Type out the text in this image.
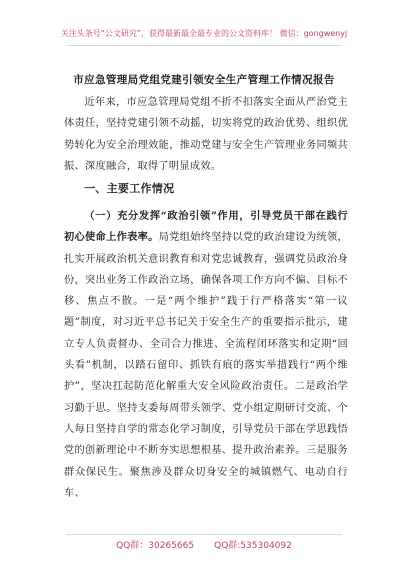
关注头条号“公文研究”，获得最新最全最专业的公文资料库！ 微信：gongwenyj
市应急管理局党组党建引领安全生产管理工作情况报告

近年来，市应急管理局党组不折不扣落实全面从严治党主体责任，坚持党建引领不动摇，切实将党的政治优势、组织优势转化为安全治理效能，推动党建与安全生产管理业务同频共振、深度融合，取得了明显成效。

一、主要工作情况

（一）充分发挥“政治引领”作用，引导党员干部在践行初心使命上作表率。局党组始终坚持以党的政治建设为统领，扎实开展政治机关意识教育和对党忠诚教育，强调党员政治身份，突出业务工作政治立场，确保各项工作方向不偏、目标不移、焦点不散。一是“两个维护”践于行严格落实“第一议题”制度，对习近平总书记关于安全生产的重要指示批示，建立专人负责督办、全司合力推进、全流程闭环落实和定期“回头看”机制，以踏石留印、抓铁有痕的落实举措践行“两个维护”，坚决扛起防范化解重大安全风险政治责任。二是政治学习勤于思。坚持支委每周带头领学、党小组定期研讨交流、个人每日坚持自学的常态化学习制度，引导党员干部在学思践悟党的创新理论中不断夯实思想根基、提升政治素养。三是服务群众保民生。聚焦涉及群众切身安全的城镇燃气、电动自行车、

QQ群：30265665 QQ群:535304092
